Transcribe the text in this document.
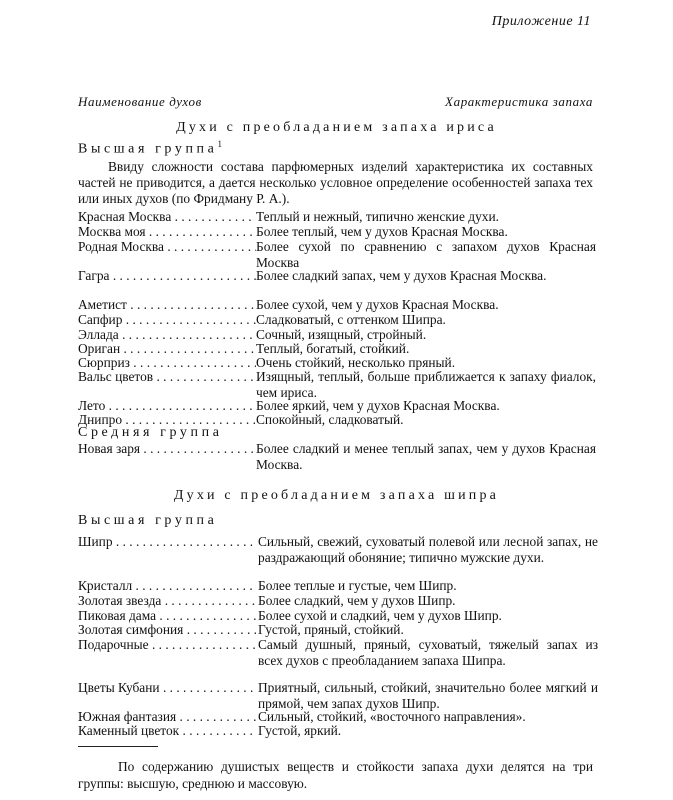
Приложение 11
Наименование духов	Характеристика запаха
Духи с преобладанием запаха ириса
Высшая группа$^1$

Ввиду сложности состава парфюмерных изделий характеристика их составных частей не приводится, а дается несколько условное определение особенностей запаха тех или иных духов (по Фридману Р. А.).

Красная Москва . . .	Теплый и нежный, типично женские духи.
Москва моя . . .	Более теплый, чем у духов Красная Москва.
Родная Москва . . .	Более сухой по сравнению с запахом духов Красная Москва
Гагра . . .	Более сладкий запах, чем у духов Красная Москва.
Аметист . . .	Более сухой, чем у духов Красная Москва.
Сапфир . . .	Сладковатый, с оттенком Шипра.
Эллада . . .	Сочный, изящный, стройный.
Ориган . . .	Теплый, богатый, стойкий.
Сюрприз . . .	Очень стойкий, несколько пряный.
Вальс цветов . . .	Изящный, теплый, больше приближается к запаху фиалок, чем ириса.
Лето . . .	Более яркий, чем у духов Красная Москва.
Днипро . . .	Спокойный, сладковатый.
Средняя группа
Новая заря . . .	Более сладкий и менее теплый запах, чем у духов Красная Москва.
Духи с преобладанием запаха шипра
Высшая группа
Шипр . . .	Сильный, свежий, суховатый полевой или лесной запах, не раздражающий обоняние; типично мужские духи.
Кристалл . . .	Более теплые и густые, чем Шипр.
Золотая звезда . . .	Более сладкий, чем у духов Шипр.
Пиковая дама . . .	Более сухой и сладкий, чем у духов Шипр.
Золотая симфония . . .	Густой, пряный, стойкий.
Подарочные . . .	Самый душный, пряный, суховатый, тяжелый запах из всех духов с преобладанием запаха Шипра.
Цветы Кубани . . .	Приятный, сильный, стойкий, значительно более мягкий и прямой, чем запах духов Шипр.
Южная фантазия . . .	Сильный, стойкий, «восточного направления».
Каменный цветок . . .	Густой, яркий.

По содержанию душистых веществ и стойкости запаха духи делятся на три группы: высшую, среднюю и массовую.
